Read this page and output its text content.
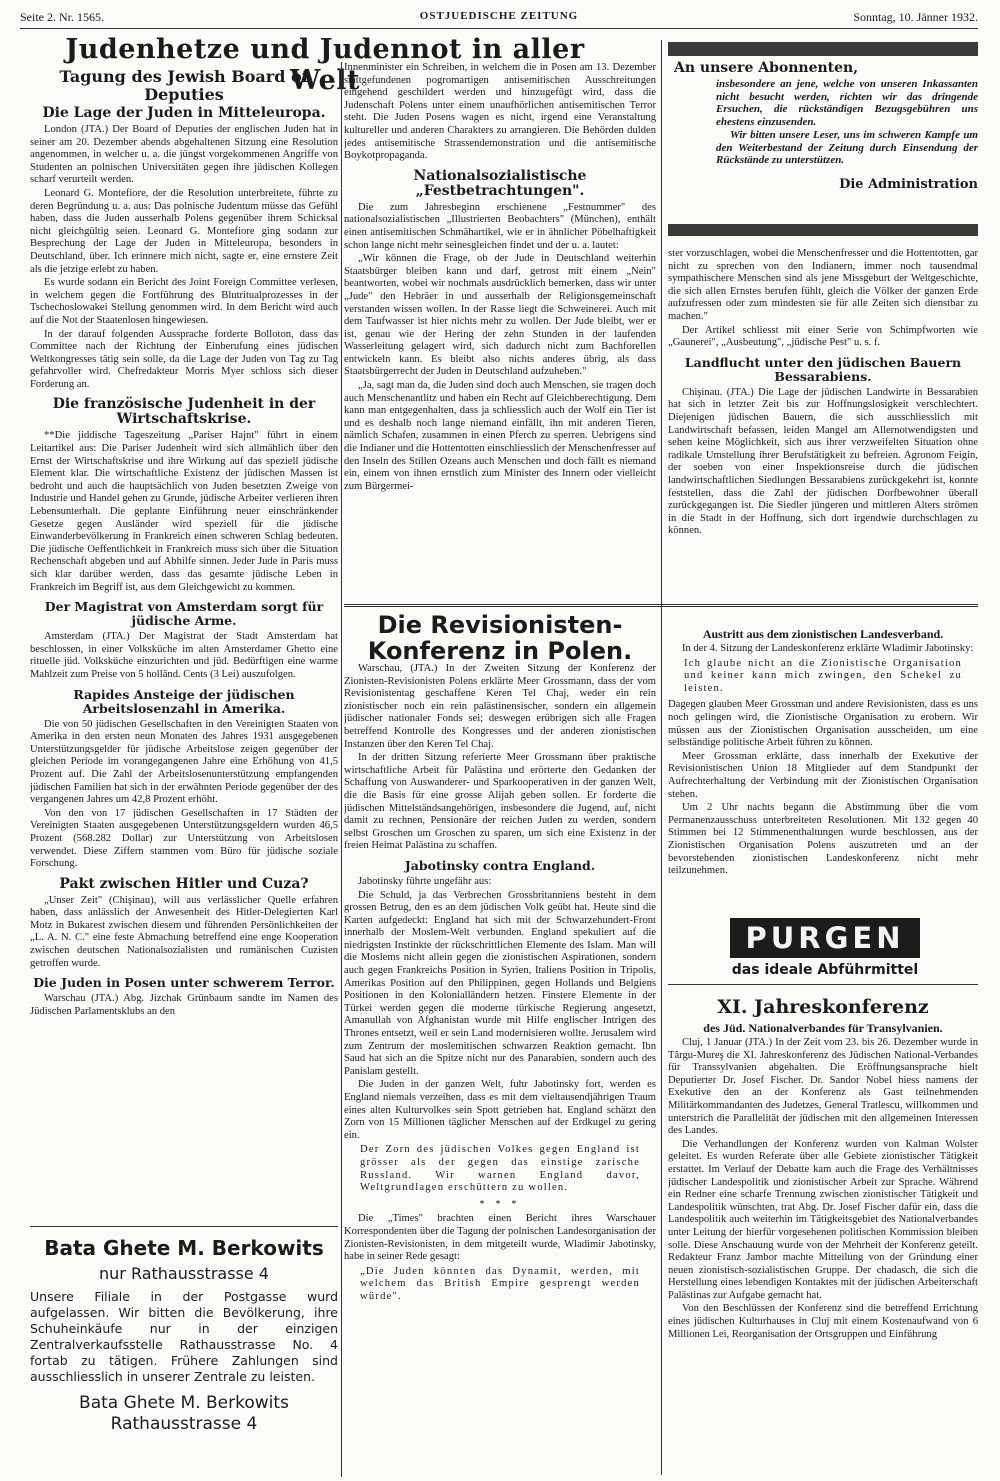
Seite 2. Nr. 1565.	OSTJUEDISCHE ZEITUNG	Sonntag, 10. Jänner 1932.
Judenhetze und Judennot in aller Welt
Tagung des Jewish Board of Deputies
Die Lage der Juden in Mitteleuropa.

London (JTA.) Der Board of Deputies der englischen Juden hat in seiner am 20. Dezember abends abgehaltenen Sitzung eine Resolution angenommen, in welcher u. a. die jüngst vorgekommenen Angriffe von Studenten an polnischen Universitäten gegen ihre jüdischen Kollegen scharf verurteilt werden.

Leonard G. Montefiore, der die Resolution unterbreitete, führte zu deren Begründung u. a. aus: Das polnische Judentum müsse das Gefühl haben, dass die Juden ausserhalb Polens gegenüber ihrem Schicksal nicht gleichgültig seien. Leonard G. Montefiore ging sodann zur Besprechung der Lage der Juden in Mitteleuropa, besonders in Deutschland, über. Ich erinnere mich nicht, sagte er, eine ernstere Zeit als die jetzige erlebt zu haben.

Es wurde sodann ein Bericht des Joint Foreign Committee verlesen, in welchem gegen die Fortführung des Blutritualprozesses in der Tschechoslowakei Stellung genommen wird. In dem Bericht wird auch auf die Not der Staatenlosen hingewiesen.

In der darauf folgenden Aussprache forderte Bolloton, dass das Committee nach der Richtung der Einberufung eines jüdischen Weltkongresses tätig sein solle, da die Lage der Juden von Tag zu Tag gefahrvoller wird. Chefredakteur Morris Myer schloss sich dieser Forderung an.

Die französische Judenheit in der Wirtschaftskrise.

**Die jiddische Tageszeitung „Pariser Hajnt" führt in einem Leitartikel aus: Die Pariser Judenheit wird sich allmählich über den Ernst der Wirtschaftskrise und ihre Wirkung auf das speziell jüdische Element klar. Die wirtschaftliche Existenz der jüdischen Massen ist bedroht und auch die hauptsächlich von Juden besetzten Zweige von Industrie und Handel gehen zu Grunde, jüdische Arbeiter verlieren ihren Lebensunterhalt. Die geplante Einführung neuer einschränkender Gesetze gegen Ausländer wird speziell für die jüdische Einwanderbevölkerung in Frankreich einen schweren Schlag bedeuten. Die jüdische Oeffentlichkeit in Frankreich muss sich über die Situation Rechenschaft abgeben und auf Abhilfe sinnen. Jeder Jude in Paris muss sich klar darüber werden, dass das gesamte jüdische Leben in Frankreich im Begriff ist, aus dem Gleichgewicht zu kommen.

Der Magistrat von Amsterdam sorgt für jüdische Arme.

Amsterdam (JTA.) Der Magistrat der Stadt Amsterdam hat beschlossen, in einer Volksküche im alten Amsterdamer Ghetto eine rituelle jüd. Volksküche einzurichten und jüd. Bedürftigen eine warme Mahlzeit zum Preise von 5 holländ. Cents (3 Lei) auszufolgen.

Rapides Ansteige der jüdischen Arbeitslosenzahl in Amerika.

Die von 50 jüdischen Gesellschaften in den Vereinigten Staaten von Amerika in den ersten neun Monaten des Jahres 1931 ausgegebenen Unterstützungsgelder für jüdische Arbeitslose zeigen gegenüber der gleichen Periode im vorangegangenen Jahre eine Erhöhung von 41,5 Prozent auf. Die Zahl der Arbeitslosenunterstützung empfangenden jüdischen Familien hat sich in der erwähnten Periode gegenüber der des vergangenen Jahres um 42,8 Prozent erhöht.

Von den von 17 jüdischen Gesellschaften in 17 Städten der Vereinigten Staaten ausgegebenen Unterstützungsgeldern wurden 46,5 Prozent (568.282 Dollar) zur Unterstützung von Arbeitslosen verwendet. Diese Ziffern stammen vom Büro für jüdische soziale Forschung.

Pakt zwischen Hitler und Cuza?

„Unser Zeit" (Chişinau), will aus verlässlicher Quelle erfahren haben, dass anlässlich der Anwesenheit des Hitler-Delegierten Karl Motz in Bukarest zwischen diesem und führenden Persönlichkeiten der „L. A. N. C." eine feste Abmachung betreffend eine enge Kooperation zwischen deutschen Nationalsozialisten und rumänischen Cuzisten getroffen wurde.

Die Juden in Posen unter schwerem Terror.

Warschau (JTA.) Abg. Jizchak Grünbaum sandte im Namen des Jüdischen Parlamentsklubs an den

Bata Ghete M. Berkowits
nur Rathausstrasse 4
Unsere Filiale in der Postgasse wurd aufgelassen. Wir bitten die Bevölkerung, ihre Schuheinkäufe nur in der einzigen Zentralverkaufsstelle Rathausstrasse No. 4 fortab zu tätigen. Frühere Zahlungen sind ausschliesslich in unserer Zentrale zu leisten.
Bata Ghete M. Berkowits
Rathausstrasse 4

Innenminister ein Schreiben, in welchem die in Posen am 13. Dezember stattgefundenen pogromartigen antisemitischen Ausschreitungen eingehend geschildert werden und hinzugefügt wird, dass die Judenschaft Polens unter einem unaufhörlichen antisemitischen Terror steht. Die Juden Posens wagen es nicht, irgend eine Veranstaltung kultureller und anderen Charakters zu arrangieren. Die Behörden dulden jedes antisemitische Strassendemonstration und die antisemitische Boykotpropaganda.

Nationalsozialistische „Festbetrachtungen".

Die zum Jahresbeginn erschienene „Festnummer" des nationalsozialistischen „Illustrierten Beobachters" (München), enthält einen antisemitischen Schmähartikel, wie er in ähnlicher Pöbelhaftigkeit schon lange nicht mehr seinesgleichen findet und der u. a. lautet:

„Wir können die Frage, ob der Jude in Deutschland weiterhin Staatsbürger bleiben kann und darf, getrost mit einem „Nein" beantworten, wobei wir nochmals ausdrücklich bemerken, dass wir unter „Jude" den Hebräer in und ausserhalb der Religionsgemeinschaft verstanden wissen wollen. In der Rasse liegt die Schweinerei. Auch mit dem Taufwasser ist hier nichts mehr zu wollen. Der Jude bleibt, wer er ist, genau wie der Hering der zehn Stunden in der laufenden Wasserleitung gelagert wird, sich dadurch nicht zum Bachforellen entwickeln kann. Es bleibt also nichts anderes übrig, als dass Staatsbürgerrecht der Juden in Deutschland aufzuheben."

„Ja, sagt man da, die Juden sind doch auch Menschen, sie tragen doch auch Menschenantlitz und haben ein Recht auf Gleichberechtigung. Dem kann man entgegenhalten, dass ja schliesslich auch der Wolf ein Tier ist und es deshalb noch lange niemand einfällt, ihn mit anderen Tieren, nämlich Schafen, zusammen in einen Pferch zu sperren. Uebrigens sind die Indianer und die Hottentotten einschliesslich der Menschenfresser auf den Inseln des Stillen Ozeans auch Menschen und doch fällt es niemand ein, einem von ihnen ernstlich zum Minister des Innern oder vielleicht zum Bürgermei-

An unsere Abonnenten,

insbesondere an jene, welche von unseren Inkassanten nicht besucht werden, richten wir das dringende Ersuchen, die rückständigen Bezugsgebühren uns ehestens einzusenden.

Wir bitten unsere Leser, uns im schweren Kampfe um den Weiterbestand der Zeitung durch Einsendung der Rückstände zu unterstützen.

Die Administration

ster vorzuschlagen, wobei die Menschenfresser und die Hottentotten, gar nicht zu sprechen von den Indianern, immer noch tausendmal sympathischere Menschen sind als jene Missgeburt der Weltgeschichte, die sich allen Ernstes berufen fühlt, gleich die Völker der ganzen Erde aufzufressen oder zum mindesten sie für alle Zeiten sich dienstbar zu machen."

Der Artikel schliesst mit einer Serie von Schimpfworten wie „Gaunerei", „Ausbeutung", „jüdische Pest" u. s. f.

Landflucht unter den jüdischen Bauern Bessarabiens.

Chişinau. (JTA.) Die Lage der jüdischen Landwirte in Bessarabien hat sich in letzter Zeit bis zur Hoffnungslosigkeit verschlechtert. Diejenigen jüdischen Bauern, die sich ausschliesslich mit Landwirtschaft befassen, leiden Mangel am Allernotwendigsten und sehen keine Möglichkeit, sich aus ihrer verzweifelten Situation ohne radikale Umstellung ihrer Berufstätigkeit zu befreien. Agronom Feigin, der soeben von einer Inspektionsreise durch die jüdischen landwirtschaftlichen Siedlungen Bessarabiens zurückgekehrt ist, konnte feststellen, dass die Zahl der jüdischen Dorfbewohner überall zurückgegangen ist. Die Siedler jüngeren und mittleren Alters strömen in die Stadt in der Hoffnung, sich dort irgendwie durchschlagen zu können.

Die Revisionisten-Konferenz in Polen.

Warschau, (JTA.) In der Zweiten Sitzung der Konferenz der Zionisten-Revisionisten Polens erklärte Meer Grossmann, dass der vom Revisionistentag geschaffene Keren Tel Chaj, weder ein rein zionistischer noch ein rein palästinensischer, sondern ein allgemein jüdischer nationaler Fonds sei; deswegen erübrigen sich alle Fragen betreffend Kontrolle des Kongresses und der anderen zionistischen Instanzen über den Keren Tel Chaj.

In der dritten Sitzung referierte Meer Grossmann über praktische wirtschaftliche Arbeit für Palästina und erörterte den Gedanken der Schaffung von Auswanderer- und Sparkooperativen in der ganzen Welt, die die Basis für eine grosse Alijah geben sollen. Er forderte die jüdischen Mittelständsangehörigen, insbesondere die Jugend, auf, nicht damit zu rechnen, Pensionäre der reichen Juden zu werden, sondern selbst Groschen um Groschen zu sparen, um sich eine Existenz in der freien Heimat Palästina zu schaffen.

Jabotinsky contra England.

Jabotinsky führte ungefähr aus:

Die Schuld, ja das Verbrechen Grossbritanniens besteht in dem grossen Betrug, den es an dem jüdischen Volk geübt hat. Heute sind die Karten aufgedeckt: England hat sich mit der Schwarzehundert-Front innerhalb der Moslem-Welt verbunden. England spekuliert auf die niedrigsten Instinkte der rückschrittlichen Elemente des Islam. Man will die Moslems nicht allein gegen die zionistischen Aspirationen, sondern auch gegen Frankreichs Position in Syrien, Italiens Position in Tripolis, Amerikas Position auf den Philippinen, gegen Hollands und Belgiens Positionen in den Kolonialländern hetzen. Finstere Elemente in der Türkei werden gegen die moderne türkische Regierung angesetzt, Amanullah von Afghanistan wurde mit Hilfe englischer Intrigen des Thrones entsetzt, weil er sein Land modernisieren wollte. Jerusalem wird zum Zentrum der moslemitischen schwarzen Reaktion gemacht. Ibn Saud hat sich an die Spitze nicht nur des Panarabien, sondern auch des Panislam gestellt.

Die Juden in der ganzen Welt, fuhr Jabotinsky fort, werden es England niemals verzeihen, dass es mit dem vieltausendjährigen Traum eines alten Kulturvolkes sein Spott getrieben hat. England schätzt den Zorn von 15 Millionen täglicher Menschen auf der Erdkugel zu gering ein.

Der Zorn des jüdischen Volkes gegen England ist grösser als der gegen das einstige zarische Russland. Wir warnen England davor, Weltgrundlagen erschüttern zu wollen.

* * *

Die „Times" brachten einen Bericht ihres Warschauer Korrespondenten über die Tagung der polnischen Landesorganisation der Zionisten-Revisionisten, in dem mitgeteilt wurde, Wladimir Jabotinsky, habe in seiner Rede gesagt:

„Die Juden könnten das Dynamit, werden, mit welchem das British Empire gesprengt werden würde".

Austritt aus dem zionistischen Landesverband.

In der 4. Sitzung der Landeskonferenz erklärte Wladimir Jabotinsky:

Ich glaube nicht an die Zionistische Organisation und keiner kann mich zwingen, den Schekel zu leisten.

Dagegen glauben Meer Grossman und andere Revisionisten, dass es uns noch gelingen wird, die Zionistische Organisation zu erobern. Wir müssen aus der Zionistischen Organisation ausscheiden, um eine selbständige politische Arbeit führen zu können.

Meer Grossman erklärte, dass innerhalb der Exekutive der Revisionistischen Union 18 Mitglieder auf dem Standpunkt der Aufrechterhaltung der Verbindung mit der Zionistischen Organisation stehen.

Um 2 Uhr nachts begann die Abstimmung über die vom Permanenzausschuss unterbreiteten Resolutionen. Mit 132 gegen 40 Stimmen bei 12 Stimmenenthaltungen wurde beschlossen, aus der Zionistischen Organisation Polens auszutreten und an der bevorstehenden zionistischen Landeskonferenz nicht mehr teilzunehmen.

PURGEN
das ideale Abführmittel
XI. Jahreskonferenz
des Jüd. Nationalverbandes für Transylvanien.

Cluj, 1 Januar (JTA.) In der Zeit vom 23. bis 26. Dezember wurde in Târgu-Mureş die XI. Jahreskonferenz des Jüdischen National-Verbandes für Transsylvanien abgehalten. Die Eröffnungsansprache hielt Deputierter Dr. Josef Fischer. Dr. Sandor Nobel hiess namens der Exekutive den an der Konferenz als Gast teilnehmenden Militärkommandanten des Judetzes, General Tratlescu, willkommen und unterstrich die Parallelität der jüdischen mit den allgemeinen Interessen des Landes.

Die Verhandlungen der Konferenz wurden von Kalman Wolster geleitet. Es wurden Referate über alle Gebiete zionistischer Tätigkeit erstattet. Im Verlauf der Debatte kam auch die Frage des Verhältnisses jüdischer Landespolitik und zionistischer Arbeit zur Sprache. Während ein Redner eine scharfe Trennung zwischen zionistischer Tätigkeit und Landespolitik wünschten, trat Abg. Dr. Josef Fischer dafür ein, dass die Landespolitik auch weiterhin im Tätigkeitsgebiet des Nationalverbandes unter Leitung der hierfür vorgesehenen politischen Kommission bleiben solle. Diese Anschauung wurde von der Mehrheit der Konferenz geteilt. Redakteur Franz Jambor machte Mitteilung von der Gründung einer neuen zionistisch-sozialistischen Gruppe. Der chadasch, die sich die Herstellung eines lebendigen Kontaktes mit der jüdischen Arbeiterschaft Palästinas zur Aufgabe gemacht hat.

Von den Beschlüssen der Konferenz sind die betreffend Errichtung eines jüdischen Kulturhauses in Cluj mit einem Kostenaufwand von 6 Millionen Lei, Reorganisation der Ortsgruppen und Einführung
